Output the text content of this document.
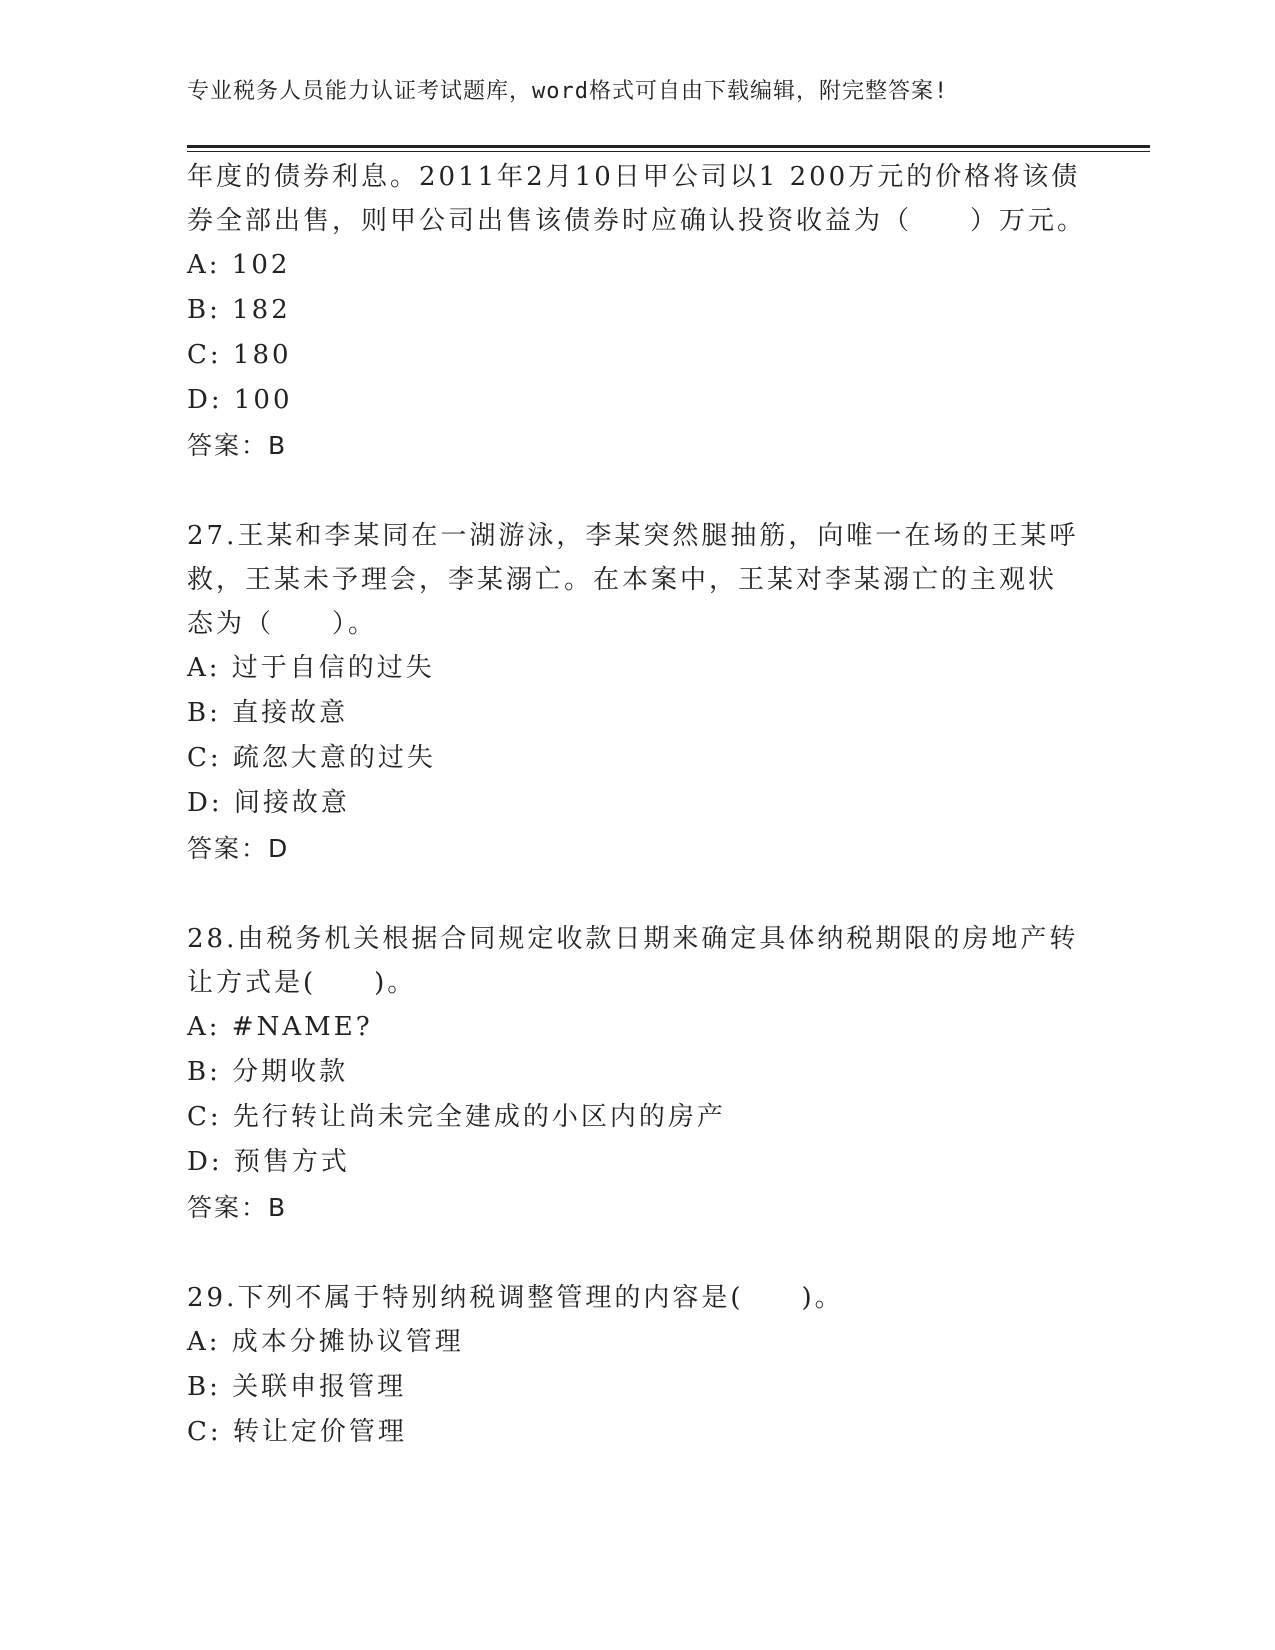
专业税务人员能力认证考试题库，word格式可自由下载编辑，附完整答案!
年度的债券利息。2011年2月10日甲公司以1 200万元的价格将该债
券全部出售，则甲公司出售该债券时应确认投资收益为（　　）万元。
A: 102
B: 182
C: 180
D: 100
答案：B
27.王某和李某同在一湖游泳，李某突然腿抽筋，向唯一在场的王某呼
救，王某未予理会，李某溺亡。在本案中，王某对李某溺亡的主观状
态为（　　）。
A: 过于自信的过失
B: 直接故意
C: 疏忽大意的过失
D: 间接故意
答案：D
28.由税务机关根据合同规定收款日期来确定具体纳税期限的房地产转
让方式是(　　)。
A: #NAME?
B: 分期收款
C: 先行转让尚未完全建成的小区内的房产
D: 预售方式
答案：B
29.下列不属于特别纳税调整管理的内容是(　　)。
A: 成本分摊协议管理
B: 关联申报管理
C: 转让定价管理
